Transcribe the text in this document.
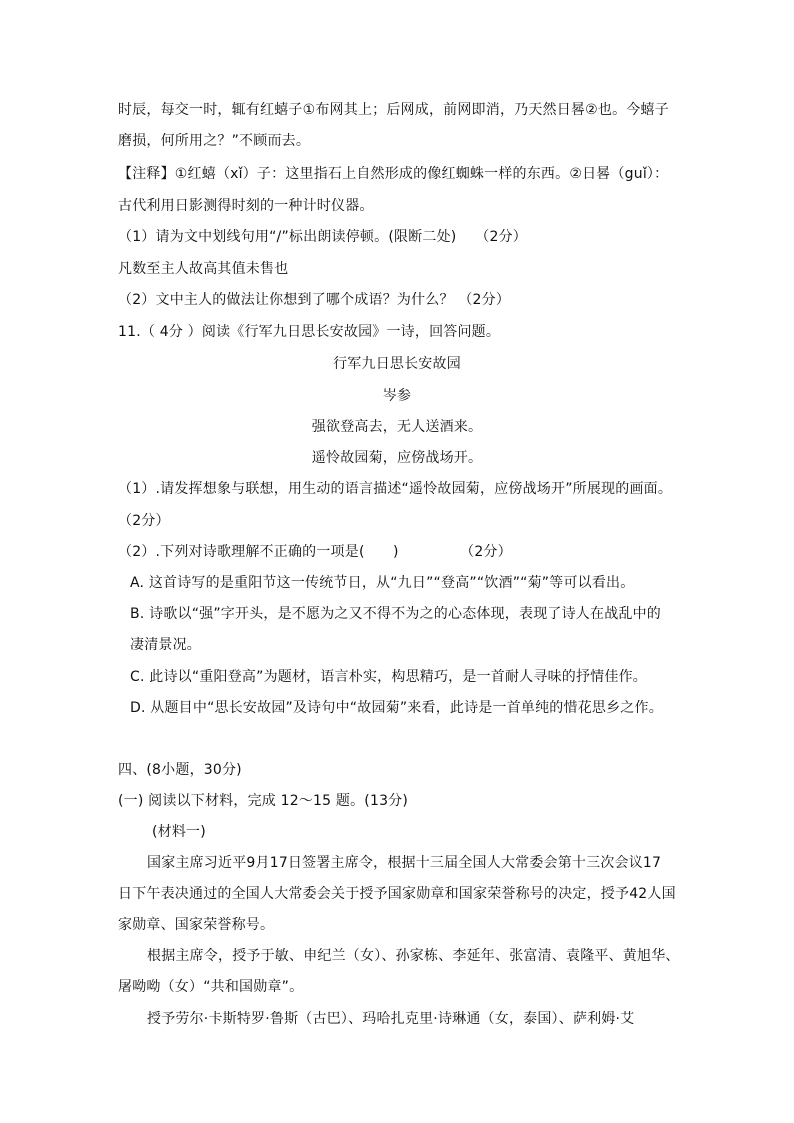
时辰，每交一时，辄有红蟢子①布网其上；后网成，前网即消，乃天然日晷②也。今蟢子
磨损，何所用之？”不顾而去。
【注释】①红蟢（xǐ）子：这里指石上自然形成的像红蜘蛛一样的东西。②日晷（guǐ）：
古代利用日影测得时刻的一种计时仪器。
（1）请为文中划线句用“/”标出朗读停顿。(限断二处)　 （2分）
凡数至主人故高其值未售也
（2）文中主人的做法让你想到了哪个成语？为什么？ （2分）
11.（ 4分 ）阅读《行军九日思长安故园》一诗，回答问题。
行军九日思长安故园
岑参
强欲登高去，无人送酒来。
遥怜故园菊，应傍战场开。
（1）.请发挥想象与联想，用生动的语言描述“遥怜故园菊，应傍战场开”所展现的画面。
（2分）
（2）.下列对诗歌理解不正确的一项是(　　)　　　　 （2分）
A. 这首诗写的是重阳节这一传统节日，从“九日”“登高”“饮酒”“菊”等可以看出。
B. 诗歌以“强”字开头，是不愿为之又不得不为之的心态体现，表现了诗人在战乱中的
凄清景况。
C. 此诗以“重阳登高”为题材，语言朴实，构思精巧，是一首耐人寻味的抒情佳作。
D. 从题目中“思长安故园”及诗句中“故园菊”来看，此诗是一首单纯的惜花思乡之作。
四、(8小题，30分)
(一) 阅读以下材料，完成 12～15 题。(13分)
(材料一)
国家主席习近平9月17日签署主席令，根据十三届全国人大常委会第十三次会议17
日下午表决通过的全国人大常委会关于授予国家勋章和国家荣誉称号的决定，授予42人国
家勋章、国家荣誉称号。
根据主席令，授予于敏、申纪兰（女）、孙家栋、李延年、张富清、袁隆平、黄旭华、
屠呦呦（女）“共和国勋章”。
授予劳尔·卡斯特罗·鲁斯（古巴）、玛哈扎克里·诗琳通（女，泰国）、萨利姆·艾
